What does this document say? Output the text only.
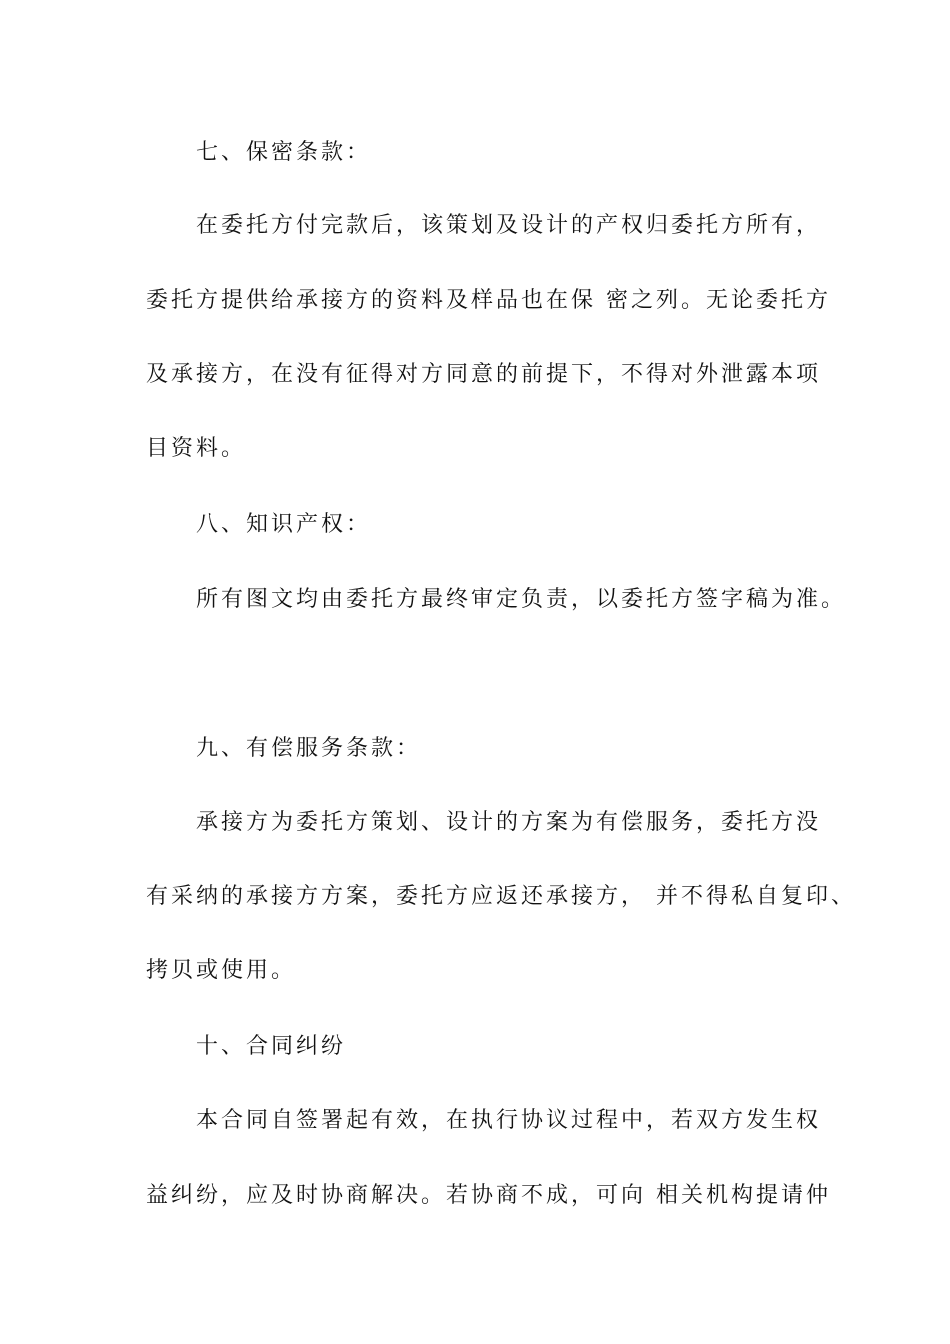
七、保密条款：
在委托方付完款后，该策划及设计的产权归委托方所有，
委托方提供给承接方的资料及样品也在保 密之列。无论委托方
及承接方，在没有征得对方同意的前提下，不得对外泄露本项
目资料。
八、知识产权：
所有图文均由委托方最终审定负责，以委托方签字稿为准。
九、有偿服务条款：
承接方为委托方策划、设计的方案为有偿服务，委托方没
有采纳的承接方方案，委托方应返还承接方， 并不得私自复印、
拷贝或使用。
十、合同纠纷
本合同自签署起有效，在执行协议过程中，若双方发生权
益纠纷，应及时协商解决。若协商不成，可向 相关机构提请仲
